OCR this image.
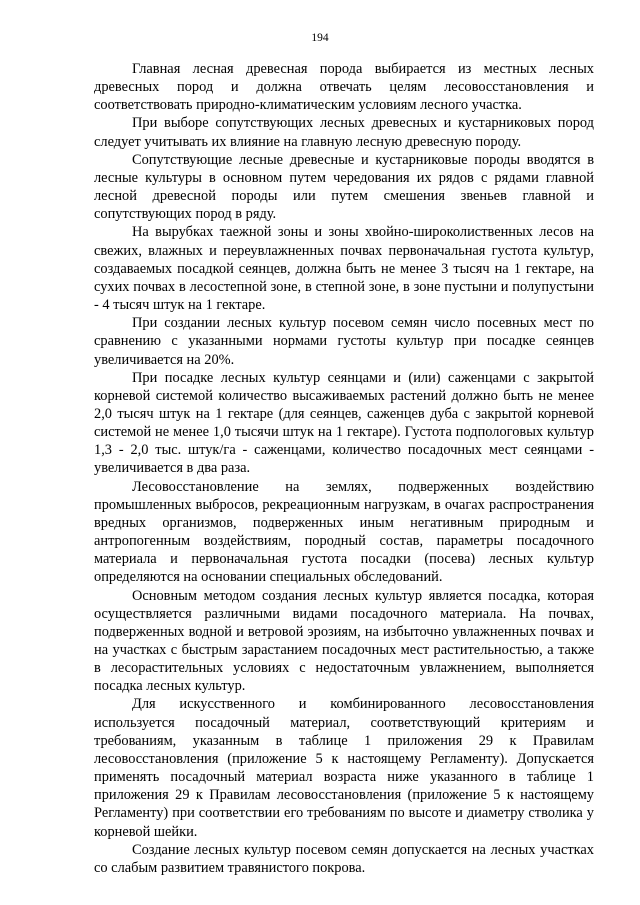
194

Главная лесная древесная порода выбирается из местных лесных древесных пород и должна отвечать целям лесовосстановления и соответствовать природно-климатическим условиям лесного участка.

При выборе сопутствующих лесных древесных и кустарниковых пород следует учитывать их влияние на главную лесную древесную породу.

Сопутствующие лесные древесные и кустарниковые породы вводятся в лесные культуры в основном путем чередования их рядов с рядами главной лесной древесной породы или путем смешения звеньев главной и сопутствующих пород в ряду.

На вырубках таежной зоны и зоны хвойно-широколиственных лесов на свежих, влажных и переувлажненных почвах первоначальная густота культур, создаваемых посадкой сеянцев, должна быть не менее 3 тысяч на 1 гектаре, на сухих почвах в лесостепной зоне, в степной зоне, в зоне пустыни и полупустыни - 4 тысяч штук на 1 гектаре.

При создании лесных культур посевом семян число посевных мест по сравнению с указанными нормами густоты культур при посадке сеянцев увеличивается на 20%.

При посадке лесных культур сеянцами и (или) саженцами с закрытой корневой системой количество высаживаемых растений должно быть не менее 2,0 тысяч штук на 1 гектаре (для сеянцев, саженцев дуба с закрытой корневой системой не менее 1,0 тысячи штук на 1 гектаре). Густота подпологовых культур 1,3 - 2,0 тыс. штук/га - саженцами, количество посадочных мест сеянцами - увеличивается в два раза.

Лесовосстановление на землях, подверженных воздействию промышленных выбросов, рекреационным нагрузкам, в очагах распространения вредных организмов, подверженных иным негативным природным и антропогенным воздействиям, породный состав, параметры посадочного материала и первоначальная густота посадки (посева) лесных культур определяются на основании специальных обследований.

Основным методом создания лесных культур является посадка, которая осуществляется различными видами посадочного материала. На почвах, подверженных водной и ветровой эрозиям, на избыточно увлажненных почвах и на участках с быстрым зарастанием посадочных мест растительностью, а также в лесорастительных условиях с недостаточным увлажнением, выполняется посадка лесных культур.

Для искусственного и комбинированного лесовосстановления используется посадочный материал, соответствующий критериям и требованиям, указанным в таблице 1 приложения 29 к Правилам лесовосстановления (приложение 5 к настоящему Регламенту). Допускается применять посадочный материал возраста ниже указанного в таблице 1 приложения 29 к Правилам лесовосстановления (приложение 5 к настоящему Регламенту) при соответствии его требованиям по высоте и диаметру стволика у корневой шейки.

Создание лесных культур посевом семян допускается на лесных участках со слабым развитием травянистого покрова.
